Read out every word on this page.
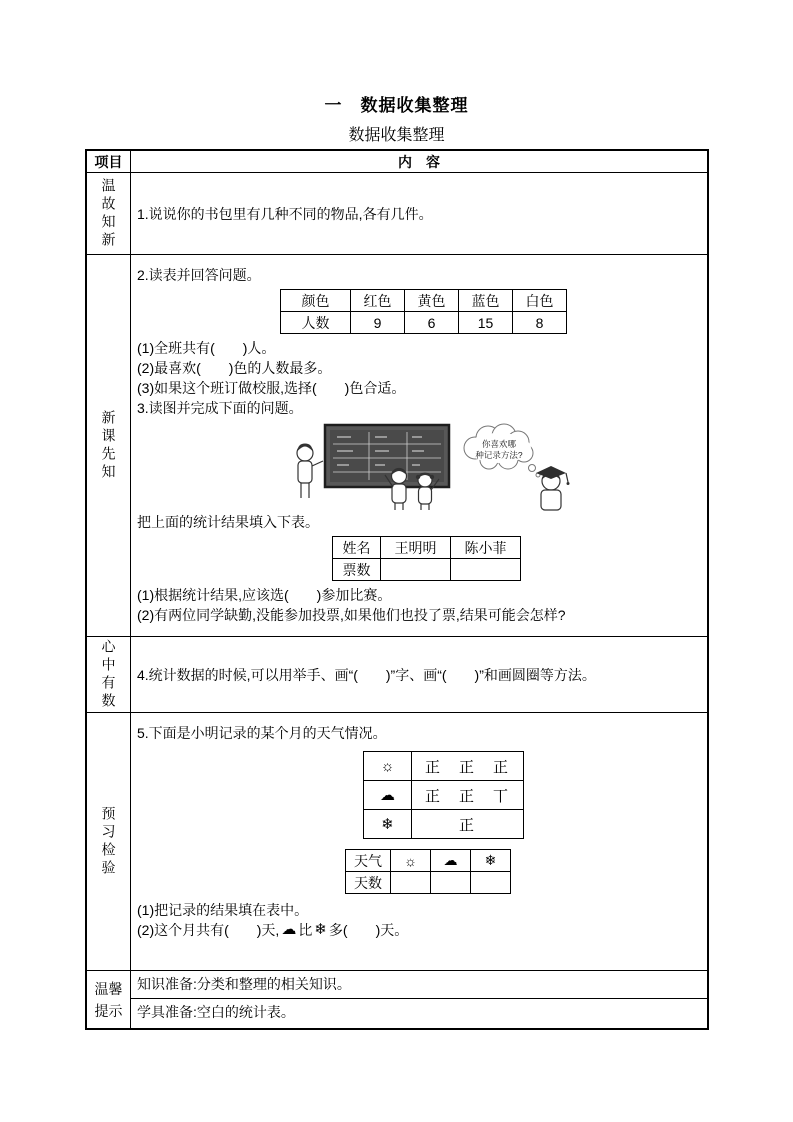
一　数据收集整理
数据收集整理
项目	内　容
温故知新 1.说说你的书包里有几种不同的物品,各有几件。

新课先知

2.读表并回答问题。

颜色	红色	黄色	蓝色	白色
人数	9	6	15	8

(1)全班共有(　　)人。

(2)最喜欢(　　)色的人数最多。

(3)如果这个班订做校服,选择(　　)色合适。

3.读图并完成下面的问题。

你喜欢哪
种记录方法?

把上面的统计结果填入下表。

姓名	王明明	陈小菲
票数		

(1)根据统计结果,应该选(　　)参加比赛。

(2)有两位同学缺勤,没能参加投票,如果他们也投了票,结果可能会怎样?

心中有数 4.统计数据的时候,可以用举手、画“(　　)”字、画“(　　)”和画圆圈等方法。

预习检验

5.下面是小明记录的某个月的天气情况。

☼	正　正　正
☁	正　正　丅
❄	正
天气	☼	☁	❄
天数			

(1)把记录的结果填在表中。

(2)这个月共有(　　)天, ☁ 比 ❄ 多(　　)天。

温馨提示
知识准备:分类和整理的相关知识。
学具准备:空白的统计表。
